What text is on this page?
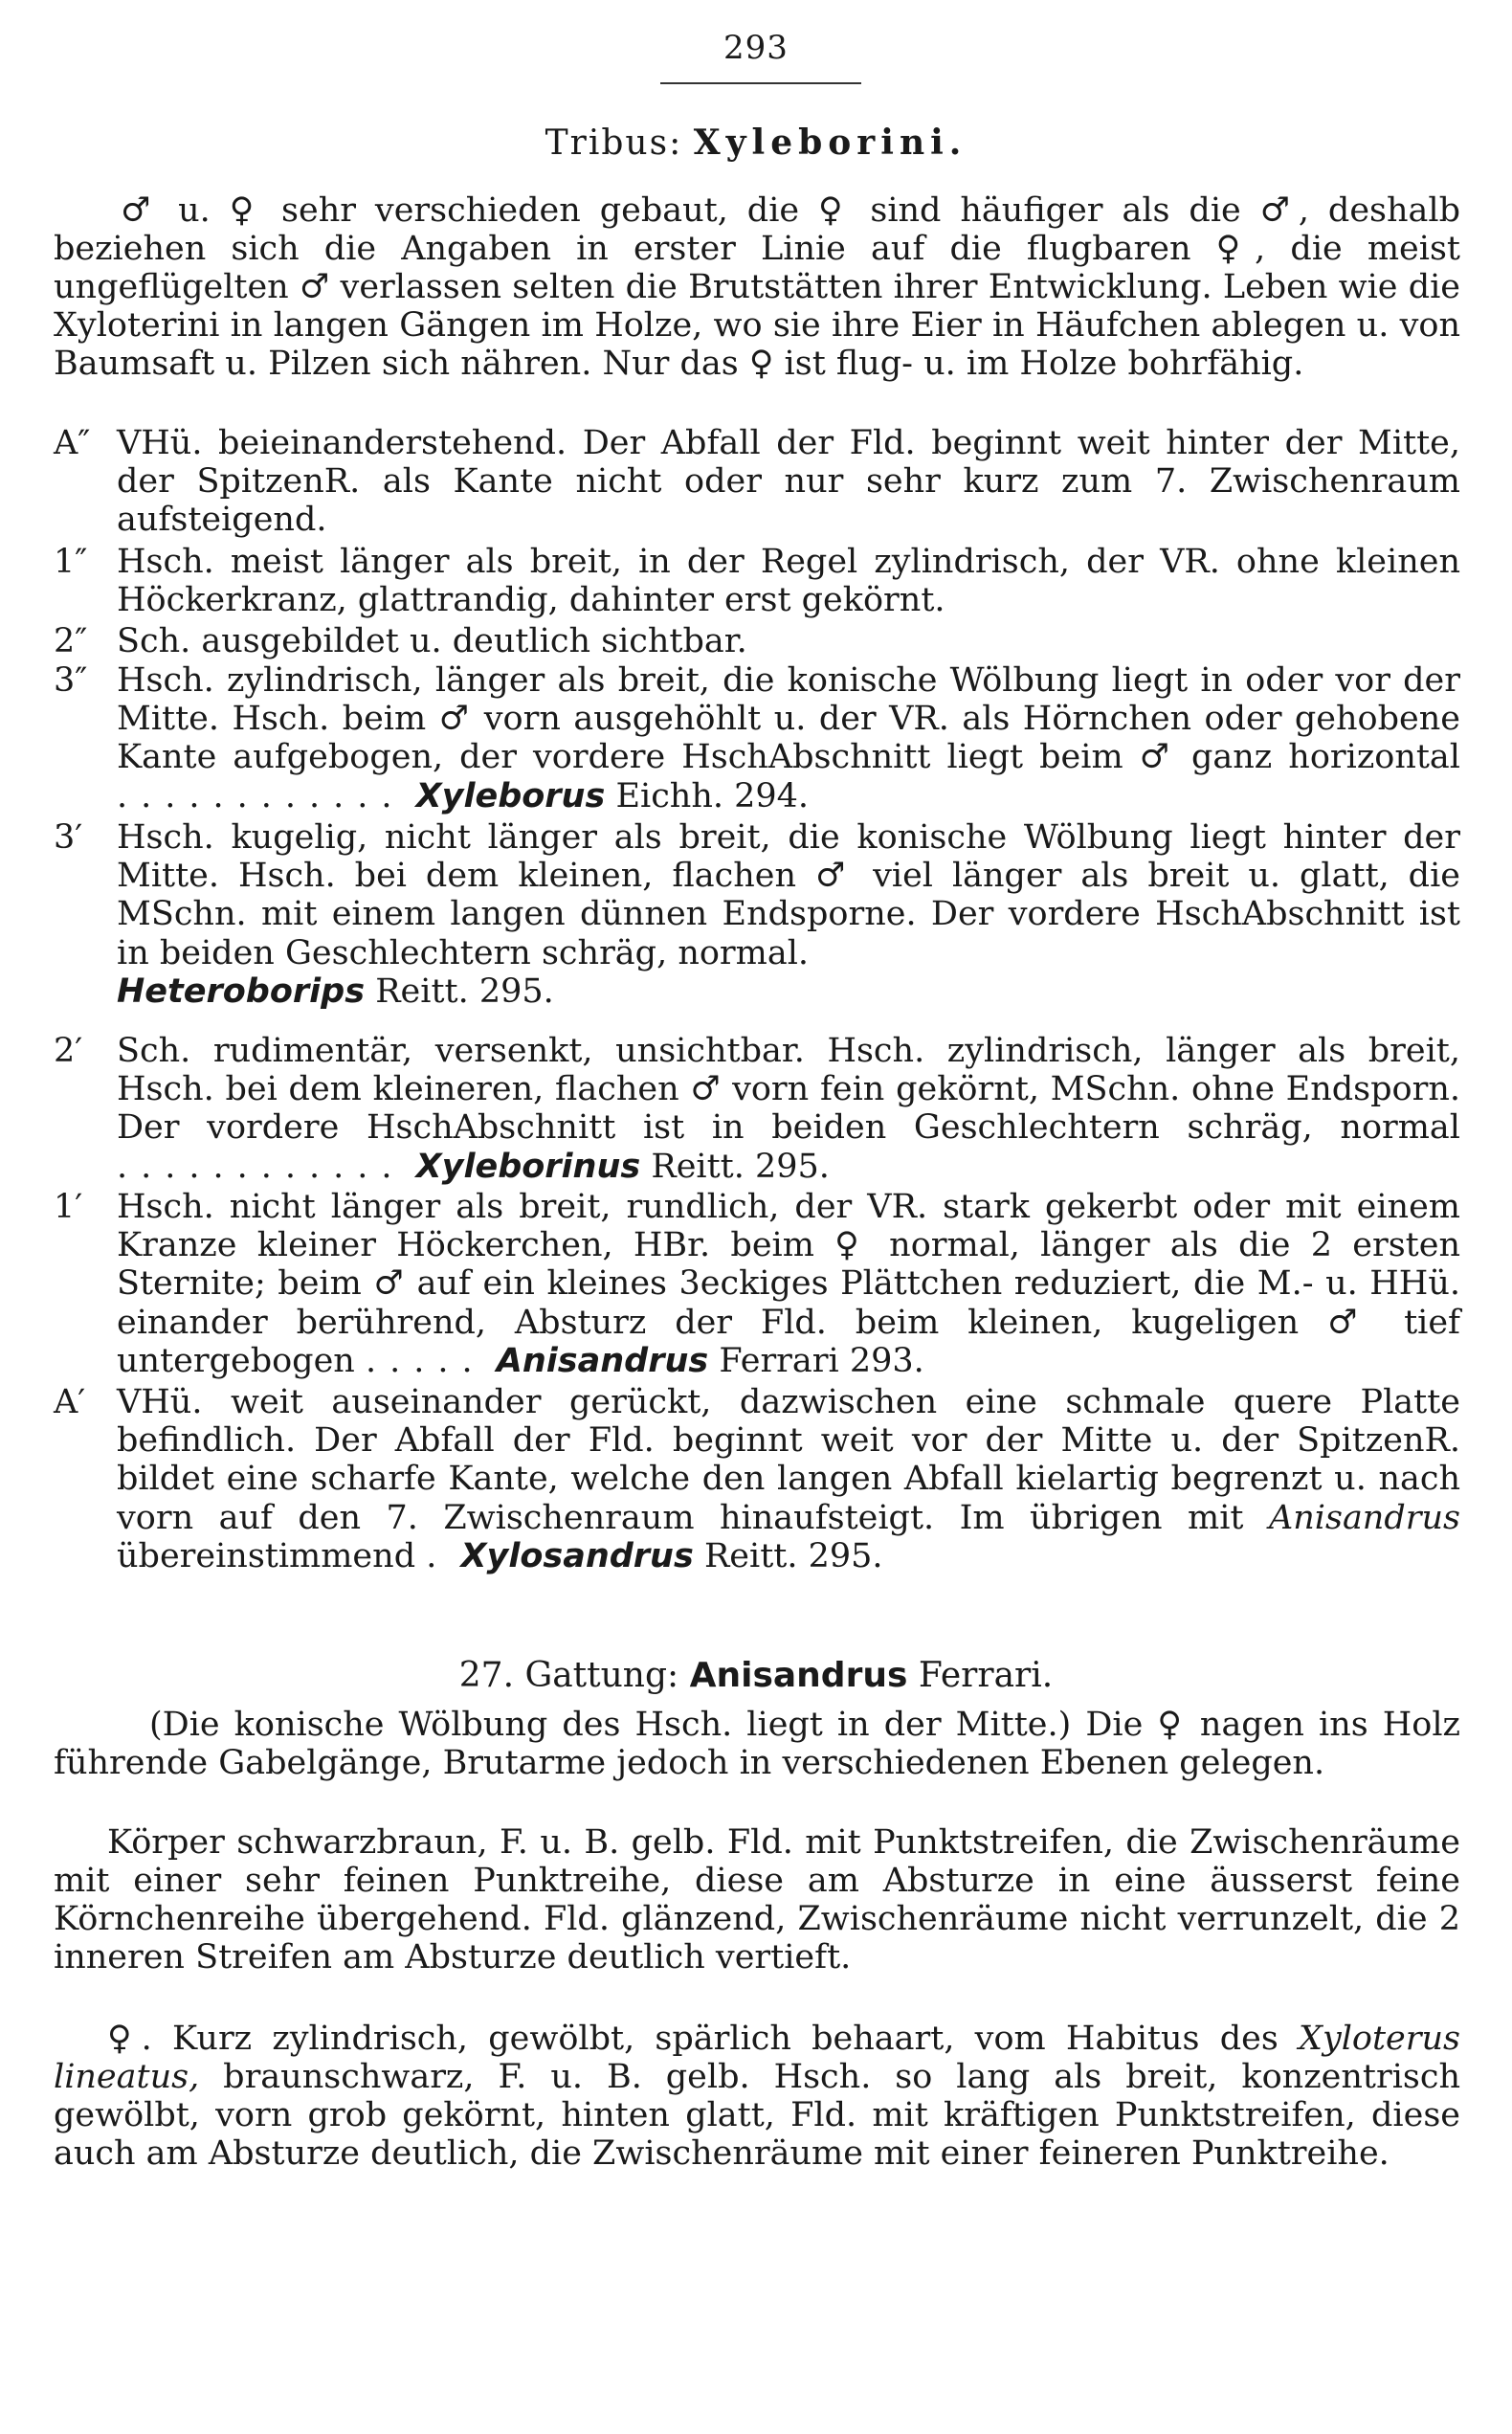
293
Tribus: Xyleborini.

♂ u. ♀ sehr verschieden gebaut, die ♀ sind häufiger als die ♂, deshalb beziehen sich die Angaben in erster Linie auf die flugbaren ♀, die meist ungeflügelten ♂ verlassen selten die Brutstätten ihrer Entwicklung. Leben wie die Xyloterini in langen Gängen im Holze, wo sie ihre Eier in Häufchen ablegen u. von Baumsaft u. Pilzen sich nähren. Nur das ♀ ist flug- u. im Holze bohrfähig.

A″ VHü. beieinanderstehend. Der Abfall der Fld. beginnt weit hinter der Mitte, der SpitzenR. als Kante nicht oder nur sehr kurz zum 7. Zwischenraum aufsteigend.
1″ Hsch. meist länger als breit, in der Regel zylindrisch, der VR. ohne kleinen Höckerkranz, glattrandig, dahinter erst gekörnt.
2″ Sch. ausgebildet u. deutlich sichtbar.
3″ Hsch. zylindrisch, länger als breit, die konische Wölbung liegt in oder vor der Mitte. Hsch. beim ♂ vorn ausgehöhlt u. der VR. als Hörnchen oder gehobene Kante aufgebogen, der vordere HschAbschnitt liegt beim ♂ ganz horizontal ............ Xyleborus Eichh. 294.
3′	Hsch. kugelig, nicht länger als breit, die konische Wölbung liegt hinter der Mitte. Hsch. bei dem kleinen, flachen ♂ viel länger als breit u. glatt, die MSchn. mit einem langen dünnen Endsporne. Der vordere HschAbschnitt ist in beiden Geschlechtern schräg, normal.
Heteroborips Reitt. 295.
2′	Sch. rudimentär, versenkt, unsichtbar. Hsch. zylindrisch, länger als breit, Hsch. bei dem kleineren, flachen ♂ vorn fein gekörnt, MSchn. ohne Endsporn. Der vordere HschAbschnitt ist in beiden Geschlechtern schräg, normal ............ Xyleborinus Reitt. 295.
1′	Hsch. nicht länger als breit, rundlich, der VR. stark gekerbt oder mit einem Kranze kleiner Höckerchen, HBr. beim ♀ normal, länger als die 2 ersten Sternite; beim ♂ auf ein kleines 3eckiges Plättchen reduziert, die M.- u. HHü. einander berührend, Absturz der Fld. beim kleinen, kugeligen ♂ tief untergebogen ..... Anisandrus Ferrari 293.
A′ VHü. weit auseinander gerückt, dazwischen eine schmale quere Platte befindlich. Der Abfall der Fld. beginnt weit vor der Mitte u. der SpitzenR. bildet eine scharfe Kante, welche den langen Abfall kielartig begrenzt u. nach vorn auf den 7. Zwischenraum hinaufsteigt. Im übrigen mit Anisandrus übereinstimmend . Xylosandrus Reitt. 295.
27. Gattung: Anisandrus Ferrari.

(Die konische Wölbung des Hsch. liegt in der Mitte.) Die ♀ nagen ins Holz führende Gabelgänge, Brutarme jedoch in verschiedenen Ebenen gelegen.

Körper schwarzbraun, F. u. B. gelb. Fld. mit Punktstreifen, die Zwischenräume mit einer sehr feinen Punktreihe, diese am Absturze in eine äusserst feine Körnchenreihe übergehend. Fld. glänzend, Zwischenräume nicht verrunzelt, die 2 inneren Streifen am Absturze deutlich vertieft.

♀. Kurz zylindrisch, gewölbt, spärlich behaart, vom Habitus des Xyloterus lineatus, braunschwarz, F. u. B. gelb. Hsch. so lang als breit, konzentrisch gewölbt, vorn grob gekörnt, hinten glatt, Fld. mit kräftigen Punktstreifen, diese auch am Absturze deutlich, die Zwischenräume mit einer feineren Punktreihe.
